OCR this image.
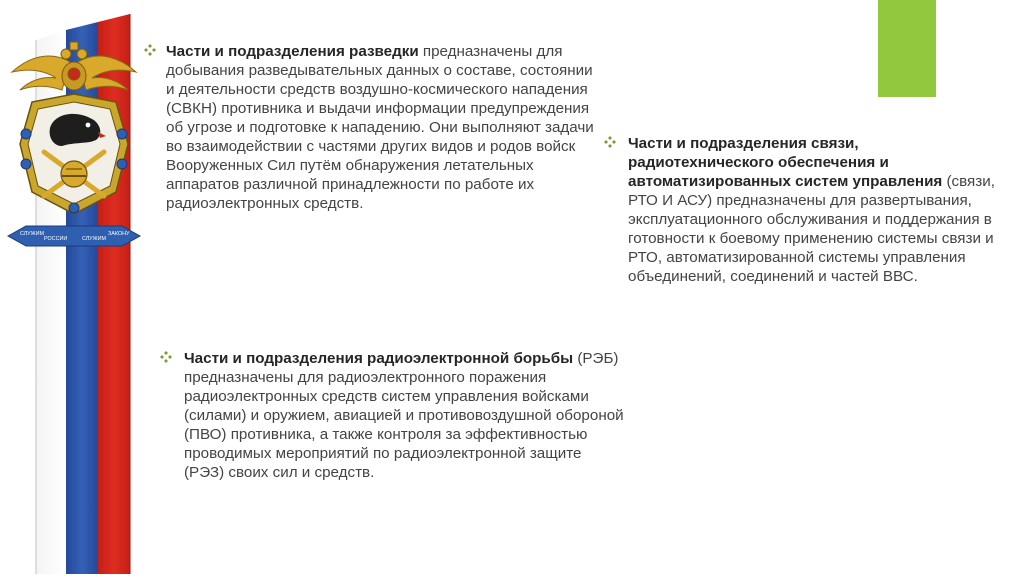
СЛУЖИМ
РОССИИ	СЛУЖИМ
ЗАКОНУ

Части и подразделения разведки предназначены для добывания разведывательных данных о составе, состоянии и деятельности средств воздушно-космического нападения (СВКН) противника и выдачи информации предупреждения об угрозе и подготовке к нападению. Они выполняют задачи во взаимодействии с частями других видов и родов войск Вооруженных Сил путём обнаружения летательных аппаратов различной принадлежности по работе их радиоэлектронных средств.

Части и подразделения связи, радиотехнического обеспечения и автоматизированных систем управления (связи, РТО И АСУ) предназначены для развертывания, эксплуатационного обслуживания и поддержания в готовности к боевому применению системы связи и РТО, автоматизированной системы управления объединений, соединений и частей ВВС.

Части и подразделения радиоэлектронной борьбы (РЭБ) предназначены для радиоэлектронного поражения радиоэлектронных средств систем управления войсками (силами) и оружием, авиацией и противовоздушной обороной (ПВО) противника, а также контроля за эффективностью проводимых мероприятий по радиоэлектронной защите (РЭЗ) своих сил и средств.
